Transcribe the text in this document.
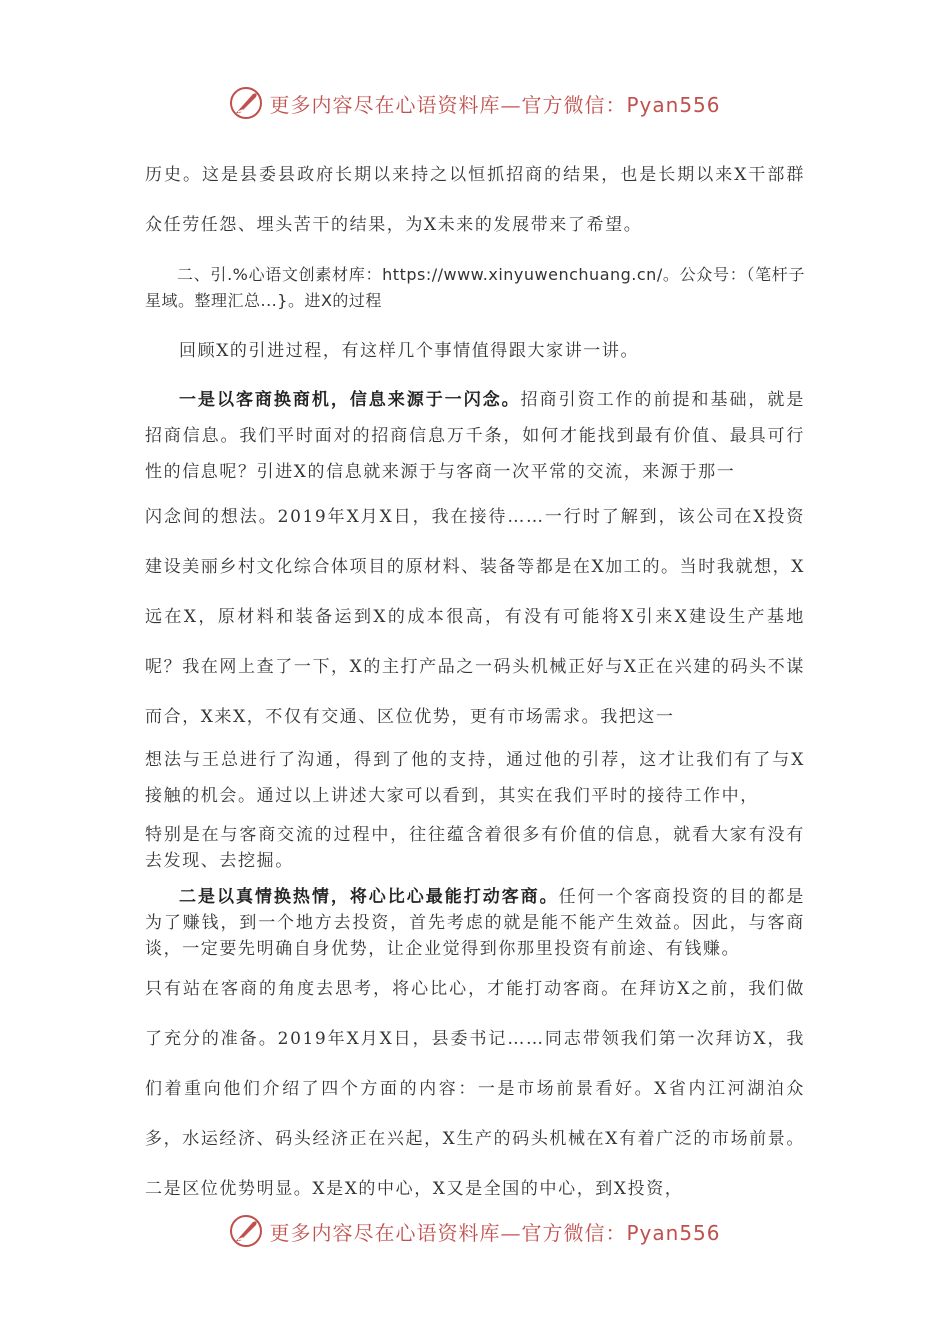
更多内容尽在心语资料库—官方微信：Pyan556

历史。这是县委县政府长期以来持之以恒抓招商的结果，也是长期以来X干部群众任劳任怨、埋头苦干的结果，为X未来的发展带来了希望。

二、引.%心语文创素材库：https://www.xinyuwenchuang.cn/。公众号：（笔杆子星域。整理汇总...}。进X的过程

回顾X的引进过程，有这样几个事情值得跟大家讲一讲。

一是以客商换商机，信息来源于一闪念。招商引资工作的前提和基础，就是招商信息。我们平时面对的招商信息万千条，如何才能找到最有价值、最具可行性的信息呢？引进X的信息就来源于与客商一次平常的交流，来源于那一

闪念间的想法。2019年X月X日，我在接待……一行时了解到，该公司在X投资建设美丽乡村文化综合体项目的原材料、装备等都是在X加工的。当时我就想，X远在X，原材料和装备运到X的成本很高，有没有可能将X引来X建设生产基地呢？我在网上查了一下，X的主打产品之一码头机械正好与X正在兴建的码头不谋而合，X来X，不仅有交通、区位优势，更有市场需求。我把这一

想法与王总进行了沟通，得到了他的支持，通过他的引荐，这才让我们有了与X接触的机会。通过以上讲述大家可以看到，其实在我们平时的接待工作中，

特别是在与客商交流的过程中，往往蕴含着很多有价值的信息，就看大家有没有去发现、去挖掘。

二是以真情换热情，将心比心最能打动客商。任何一个客商投资的目的都是为了赚钱，到一个地方去投资，首先考虑的就是能不能产生效益。因此，与客商谈，一定要先明确自身优势，让企业觉得到你那里投资有前途、有钱赚。

只有站在客商的角度去思考，将心比心，才能打动客商。在拜访X之前，我们做了充分的准备。2019年X月X日，县委书记……同志带领我们第一次拜访X，我们着重向他们介绍了四个方面的内容：一是市场前景看好。X省内江河湖泊众多，水运经济、码头经济正在兴起，X生产的码头机械在X有着广泛的市场前景。二是区位优势明显。X是X的中心，X又是全国的中心，到X投资，

更多内容尽在心语资料库—官方微信：Pyan556
